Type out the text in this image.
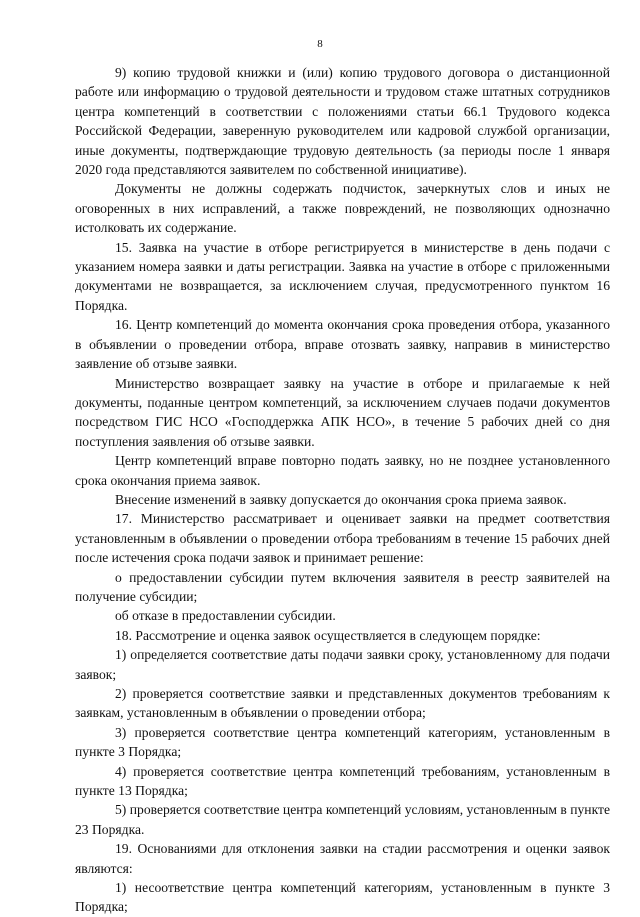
8

9) копию трудовой книжки и (или) копию трудового договора о дистанционной работе или информацию о трудовой деятельности и трудовом стаже штатных сотрудников центра компетенций в соответствии с положениями статьи 66.1 Трудового кодекса Российской Федерации, заверенную руководителем или кадровой службой организации, иные документы, подтверждающие трудовую деятельность (за периоды после 1 января 2020 года представляются заявителем по собственной инициативе).

Документы не должны содержать подчисток, зачеркнутых слов и иных не оговоренных в них исправлений, а также повреждений, не позволяющих однозначно истолковать их содержание.

15. Заявка на участие в отборе регистрируется в министерстве в день подачи с указанием номера заявки и даты регистрации. Заявка на участие в отборе с приложенными документами не возвращается, за исключением случая, предусмотренного пунктом 16 Порядка.

16. Центр компетенций до момента окончания срока проведения отбора, указанного в объявлении о проведении отбора, вправе отозвать заявку, направив в министерство заявление об отзыве заявки.

Министерство возвращает заявку на участие в отборе и прилагаемые к ней документы, поданные центром компетенций, за исключением случаев подачи документов посредством ГИС НСО «Господдержка АПК НСО», в течение 5 рабочих дней со дня поступления заявления об отзыве заявки.

Центр компетенций вправе повторно подать заявку, но не позднее установленного срока окончания приема заявок.

Внесение изменений в заявку допускается до окончания срока приема заявок.

17. Министерство рассматривает и оценивает заявки на предмет соответствия установленным в объявлении о проведении отбора требованиям в течение 15 рабочих дней после истечения срока подачи заявок и принимает решение:

о предоставлении субсидии путем включения заявителя в реестр заявителей на получение субсидии;

об отказе в предоставлении субсидии.

18. Рассмотрение и оценка заявок осуществляется в следующем порядке:

1) определяется соответствие даты подачи заявки сроку, установленному для подачи заявок;

2) проверяется соответствие заявки и представленных документов требованиям к заявкам, установленным в объявлении о проведении отбора;

3) проверяется соответствие центра компетенций категориям, установленным в пункте 3 Порядка;

4) проверяется соответствие центра компетенций требованиям, установленным в пункте 13 Порядка;

5) проверяется соответствие центра компетенций условиям, установленным в пункте 23 Порядка.

19. Основаниями для отклонения заявки на стадии рассмотрения и оценки заявок являются:

1) несоответствие центра компетенций категориям, установленным в пункте 3 Порядка;
